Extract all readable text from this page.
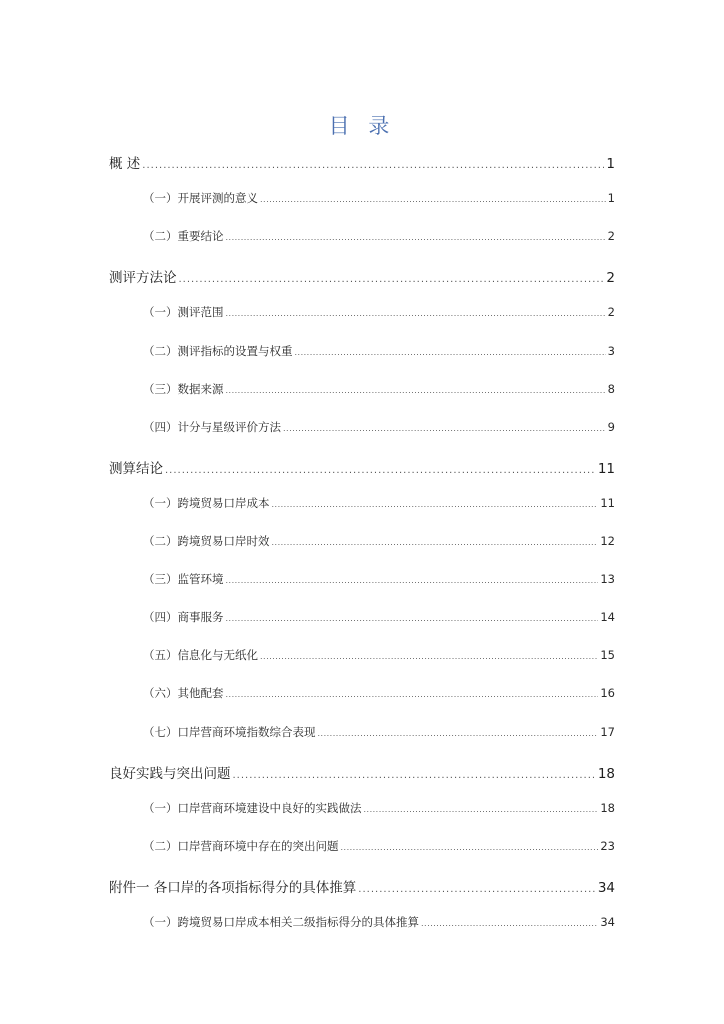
目 录
概 述 .....	1
（一）开展评测的意义 .....	1
（二）重要结论 .....	2
测评方法论 .....	2
（一）测评范围 .....	2
（二）测评指标的设置与权重 .....	3
（三）数据来源 .....	8
（四）计分与星级评价方法 .....	9
测算结论 .....	11
（一）跨境贸易口岸成本 .....	11
（二）跨境贸易口岸时效 .....	12
（三）监管环境 .....	13
（四）商事服务 .....	14
（五）信息化与无纸化 .....	15
（六）其他配套 .....	16
（七）口岸营商环境指数综合表现 .....	17
良好实践与突出问题 .....	18
（一）口岸营商环境建设中良好的实践做法 .....	18
（二）口岸营商环境中存在的突出问题 .....	23
附件一 各口岸的各项指标得分的具体推算 .....	34
（一）跨境贸易口岸成本相关二级指标得分的具体推算 .....	34
